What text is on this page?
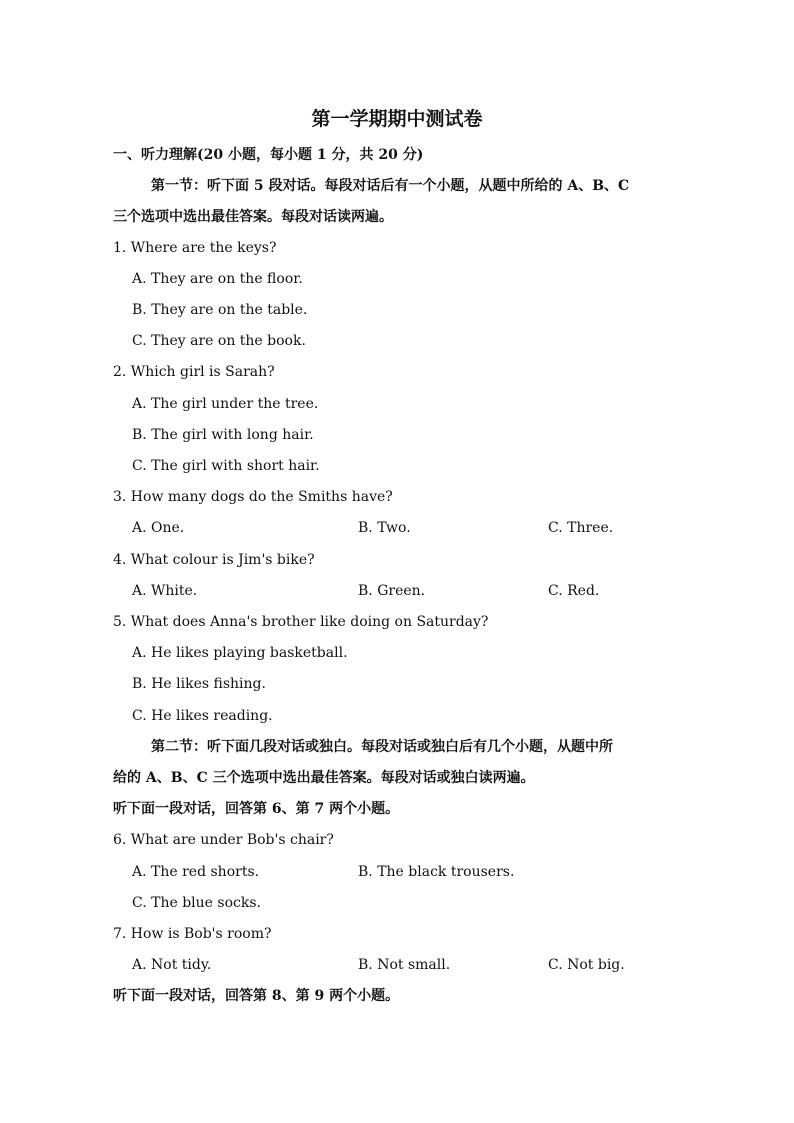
第一学期期中测试卷
一、听力理解(20 小题，每小题 1 分，共 20 分)
第一节：听下面 5 段对话。每段对话后有一个小题，从题中所给的 A、B、C
三个选项中选出最佳答案。每段对话读两遍。
1. Where are the keys?
A. They are on the floor.
B. They are on the table.
C. They are on the book.
2. Which girl is Sarah?
A. The girl under the tree.
B. The girl with long hair.
C. The girl with short hair.
3. How many dogs do the Smiths have?
A. One.	B. Two.	C. Three.
4. What colour is Jim's bike?
A. White.	B. Green.	C. Red.
5. What does Anna's brother like doing on Saturday?
A. He likes playing basketball.
B. He likes fishing.
C. He likes reading.
第二节：听下面几段对话或独白。每段对话或独白后有几个小题，从题中所
给的 A、B、C 三个选项中选出最佳答案。每段对话或独白读两遍。
听下面一段对话，回答第 6、第 7 两个小题。
6. What are under Bob's chair?
A. The red shorts.	B. The black trousers.
C. The blue socks.
7. How is Bob's room?
A. Not tidy.	B. Not small.	C. Not big.
听下面一段对话，回答第 8、第 9 两个小题。
